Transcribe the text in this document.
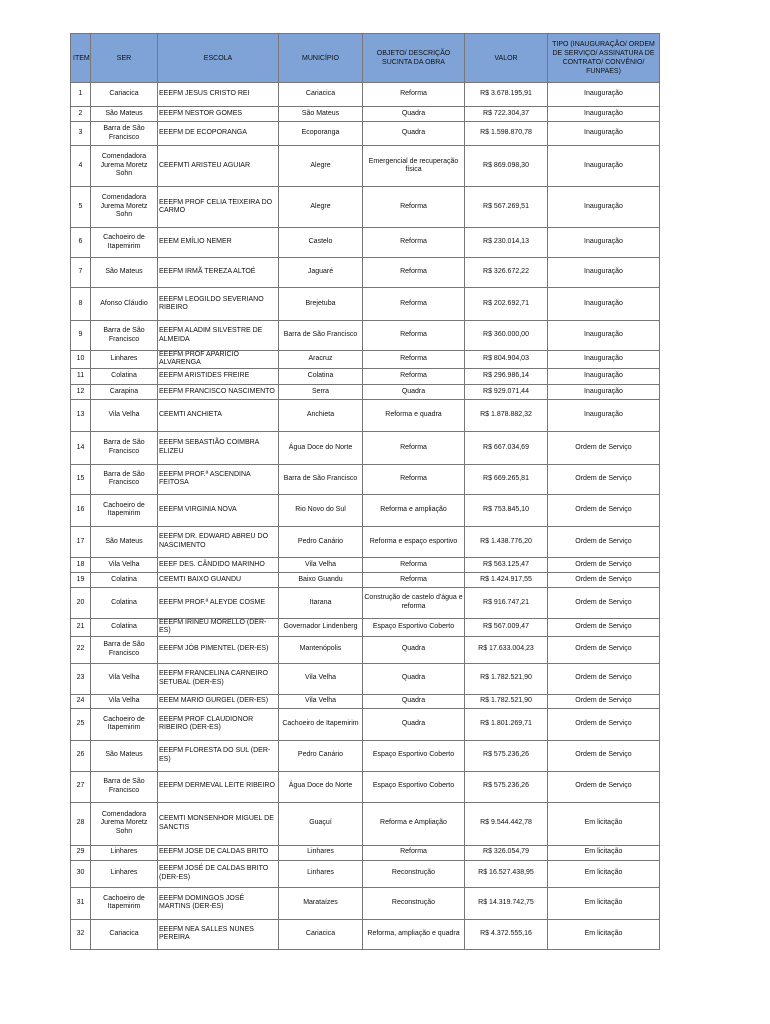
ITEM	SER	ESCOLA	MUNICÍPIO	OBJETO/ DESCRIÇÃO SUCINTA DA OBRA	VALOR	TIPO (INAUGURAÇÃO/ ORDEM DE SERVIÇO/ ASSINATURA DE CONTRATO/ CONVÊNIO/ FUNPAES)
1	Cariacica	EEEFM JESUS CRISTO REI	Cariacica	Reforma	R$ 3.678.195,91	Inauguração
2	São Mateus	EEEFM NESTOR GOMES	São Mateus	Quadra	R$ 722.304,37	Inauguração
3	Barra de São Francisco	EEEFM DE ECOPORANGA	Ecoporanga	Quadra	R$ 1.598.870,78	Inauguração
4	Comendadora Jurema Moretz Sohn	CEEFMTI ARISTEU AGUIAR	Alegre	Emergencial de recuperação física	R$ 869.098,30	Inauguração
5	Comendadora Jurema Moretz Sohn	EEEFM PROF CELIA TEIXEIRA DO CARMO	Alegre	Reforma	R$ 567.269,51	Inauguração
6	Cachoeiro de Itapemirim	EEEM EMÍLIO NEMER	Castelo	Reforma	R$ 230.014,13	Inauguração
7	São Mateus	EEEFM IRMÃ TEREZA ALTOÉ	Jaguaré	Reforma	R$ 326.672,22	Inauguração
8	Afonso Cláudio	EEEFM LEOGILDO SEVERIANO RIBEIRO	Brejetuba	Reforma	R$ 202.692,71	Inauguração
9	Barra de São Francisco	EEEFM ALADIM SILVESTRE DE ALMEIDA	Barra de São Francisco	Reforma	R$ 360.000,00	Inauguração
10	Linhares	EEEFM PROF APARICIO ALVARENGA	Aracruz	Reforma	R$ 804.904,03	Inauguração
11	Colatina	EEEFM ARISTIDES FREIRE	Colatina	Reforma	R$ 296.986,14	Inauguração
12	Carapina	EEEFM FRANCISCO NASCIMENTO	Serra	Quadra	R$ 929.071,44	Inauguração
13	Vila Velha	CEEMTI ANCHIETA	Anchieta	Reforma e quadra	R$ 1.878.882,32	Inauguração
14	Barra de São Francisco	EEEFM SEBASTIÃO COIMBRA ELIZEU	Água Doce do Norte	Reforma	R$ 667.034,69	Ordem de Serviço
15	Barra de São Francisco	EEEFM PROF.ª ASCENDINA FEITOSA	Barra de São Francisco	Reforma	R$ 669.265,81	Ordem de Serviço
16	Cachoeiro de Itapemirim	EEEFM VIRGINIA NOVA	Rio Novo do Sul	Reforma e ampliação	R$ 753.845,10	Ordem de Serviço
17	São Mateus	EEEFM DR. EDWARD ABREU DO NASCIMENTO	Pedro Canário	Reforma e espaço esportivo	R$ 1.438.776,20	Ordem de Serviço
18	Vila Velha	EEEF DES. CÂNDIDO MARINHO	Vila Velha	Reforma	R$ 563.125,47	Ordem de Serviço
19	Colatina	CEEMTI BAIXO GUANDU	Baixo Guandu	Reforma	R$ 1.424.917,55	Ordem de Serviço
20	Colatina	EEEFM PROF.ª ALEYDE COSME	Itarana	Construção de castelo d'água e reforma	R$ 916.747,21	Ordem de Serviço
21	Colatina	EEEFM IRINEU MORELLO (DER-ES)	Governador Lindenberg	Espaço Esportivo Coberto	R$ 567.009,47	Ordem de Serviço
22	Barra de São Francisco	EEEFM JÓB PIMENTEL (DER-ES)	Mantenópolis	Quadra	R$ 17.633.004,23	Ordem de Serviço
23	Vila Velha	EEEFM FRANCELINA CARNEIRO SETUBAL (DER-ES)	Vila Velha	Quadra	R$ 1.782.521,90	Ordem de Serviço
24	Vila Velha	EEEM MARIO GURGEL (DER-ES)	Vila Velha	Quadra	R$ 1.782.521,90	Ordem de Serviço
25	Cachoeiro de Itapemirim	EEEFM PROF CLAUDIONOR RIBEIRO (DER-ES)	Cachoeiro de Itapemirim	Quadra	R$ 1.801.269,71	Ordem de Serviço
26	São Mateus	EEEFM FLORESTA DO SUL (DER-ES)	Pedro Canário	Espaço Esportivo Coberto	R$ 575.236,26	Ordem de Serviço
27	Barra de São Francisco	EEEFM DERMEVAL LEITE RIBEIRO	Água Doce do Norte	Espaço Esportivo Coberto	R$ 575.236,26	Ordem de Serviço
28	Comendadora Jurema Moretz Sohn	CEEMTI MONSENHOR MIGUEL DE SANCTIS	Guaçuí	Reforma e Ampliação	R$ 9.544.442,78	Em licitação
29	Linhares	EEEFM JOSE DE CALDAS BRITO	Linhares	Reforma	R$ 326.054,79	Em licitação
30	Linhares	EEEFM JOSÉ DE CALDAS BRITO (DER-ES)	Linhares	Reconstrução	R$ 16.527.438,95	Em licitação
31	Cachoeiro de Itapemirim	EEEFM DOMINGOS JOSÉ MARTINS (DER-ES)	Marataízes	Reconstrução	R$ 14.319.742,75	Em licitação
32	Cariacica	EEEFM NEA SALLES NUNES PEREIRA	Cariacica	Reforma, ampliação e quadra	R$ 4.372.555,16	Em licitação
